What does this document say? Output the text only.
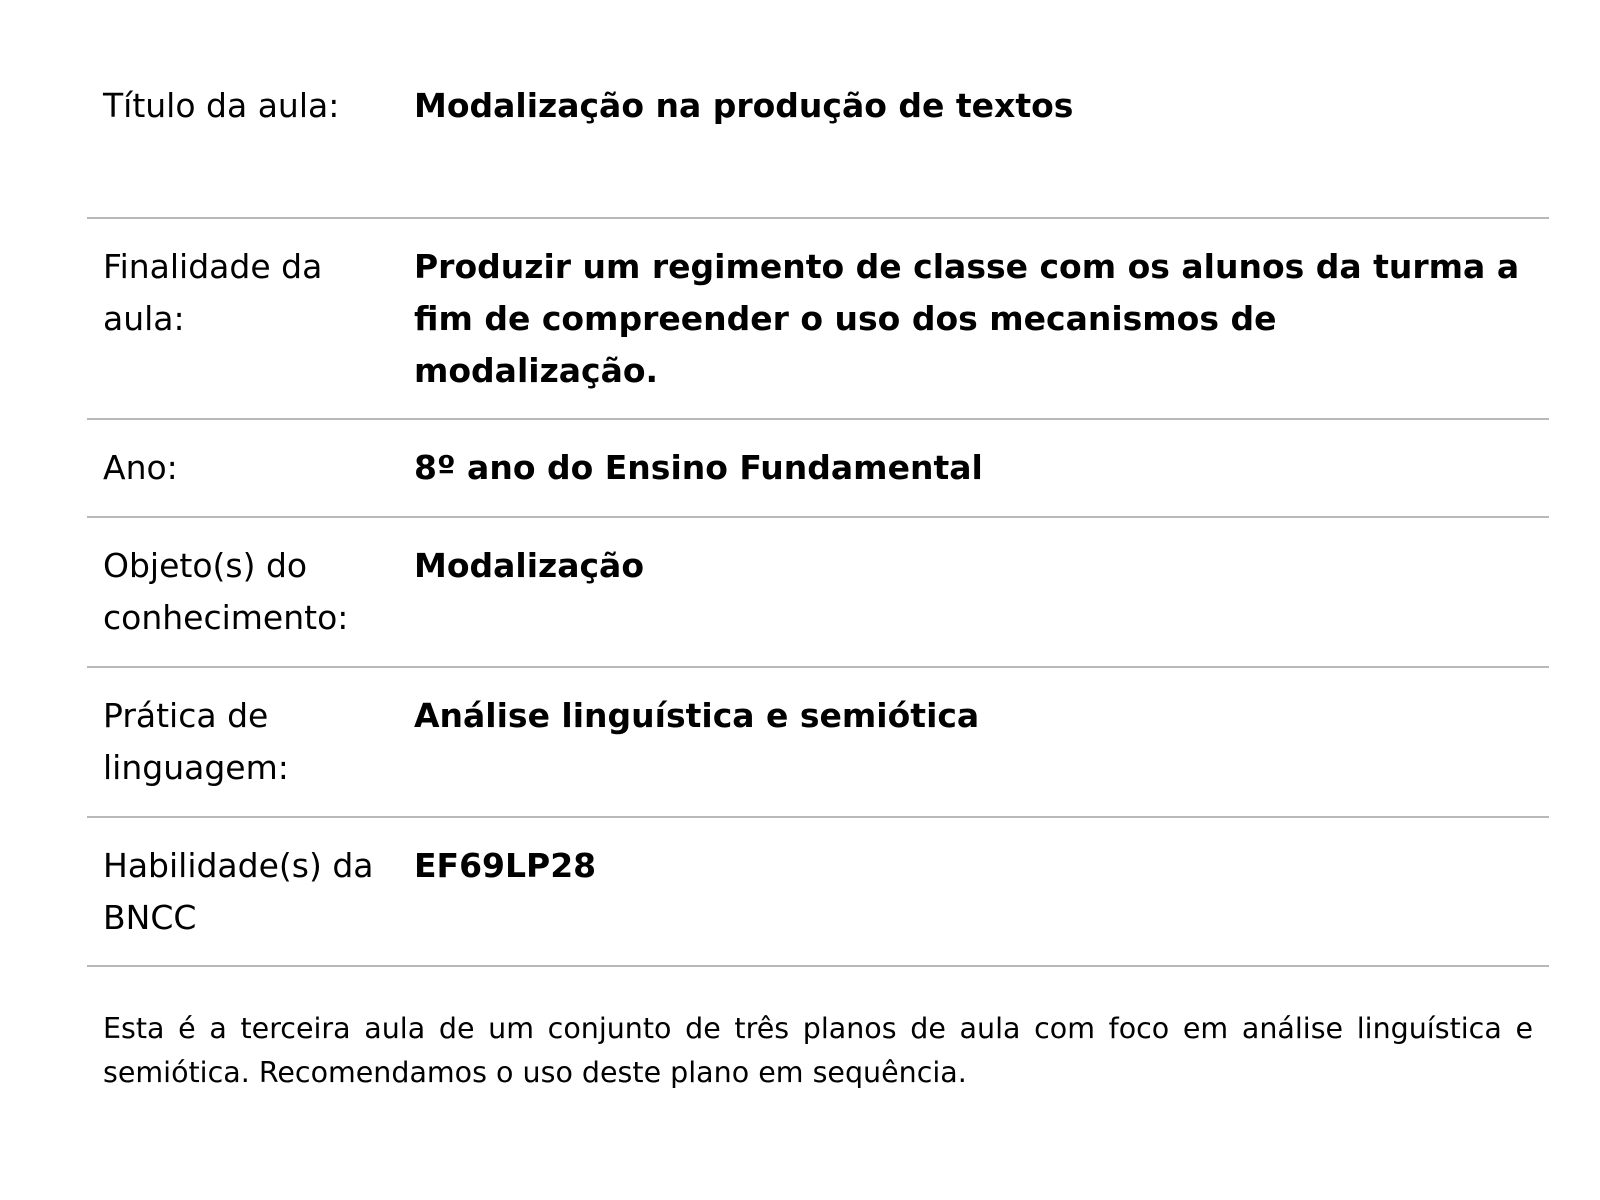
Título da aula:	Modalização na produção de textos
Finalidade da aula:
Produzir um regimento de classe com os alunos da turma a fim de compreender o uso dos mecanismos de modalização.
Ano:	8º ano do Ensino Fundamental
Objeto(s) do conhecimento:
Modalização
Prática de linguagem:
Análise linguística e semiótica
Habilidade(s) da BNCC
EF69LP28

Esta é a terceira aula de um conjunto de três planos de aula com foco em análise linguística e semiótica. Recomendamos o uso deste plano em sequência.
